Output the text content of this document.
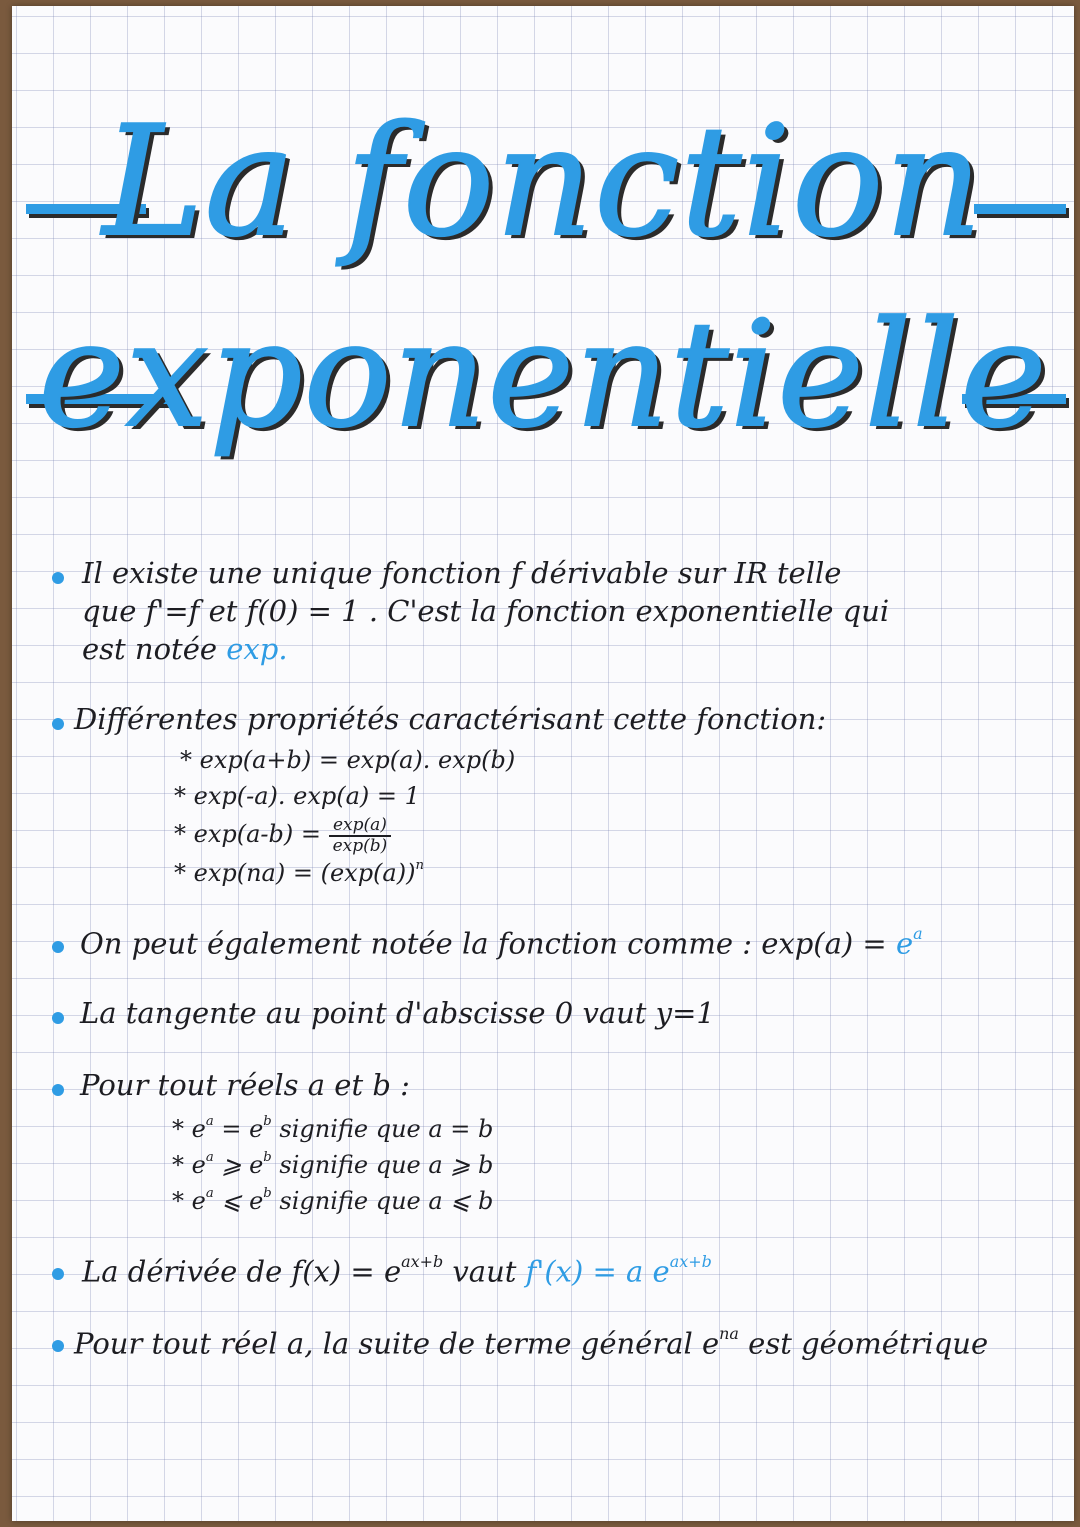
La fonction
exponentielle
Il existe une unique fonction f dérivable sur IR telle
que f'=f et f(0) = 1 . C'est la fonction exponentielle qui
est notée exp.
Différentes propriétés caractérisant cette fonction:
* exp(a+b) = exp(a). exp(b)
* exp(-a). exp(a) = 1
* $\exp(a-b) = \frac{\exp(a)}{\exp(b)}$
* $\exp(na) = (\exp(a))^n$
On peut également notée la fonction comme : $\exp(a) = e^a$
La tangente au point d'abscisse 0 vaut y=1
Pour tout réels a et b :
* $e^a = e^b$ signifie que a = b
* $e^a$ ⩾ $e^b$ signifie que a ⩾ b
* $e^a$ ⩽ $e^b$ signifie que a ⩽ b
La dérivée de $f(x) = e^{ax+b}$ vaut f'(x) = a $e^{ax+b}$
Pour tout réel a, la suite de terme général $e^{na}$ est géométrique
